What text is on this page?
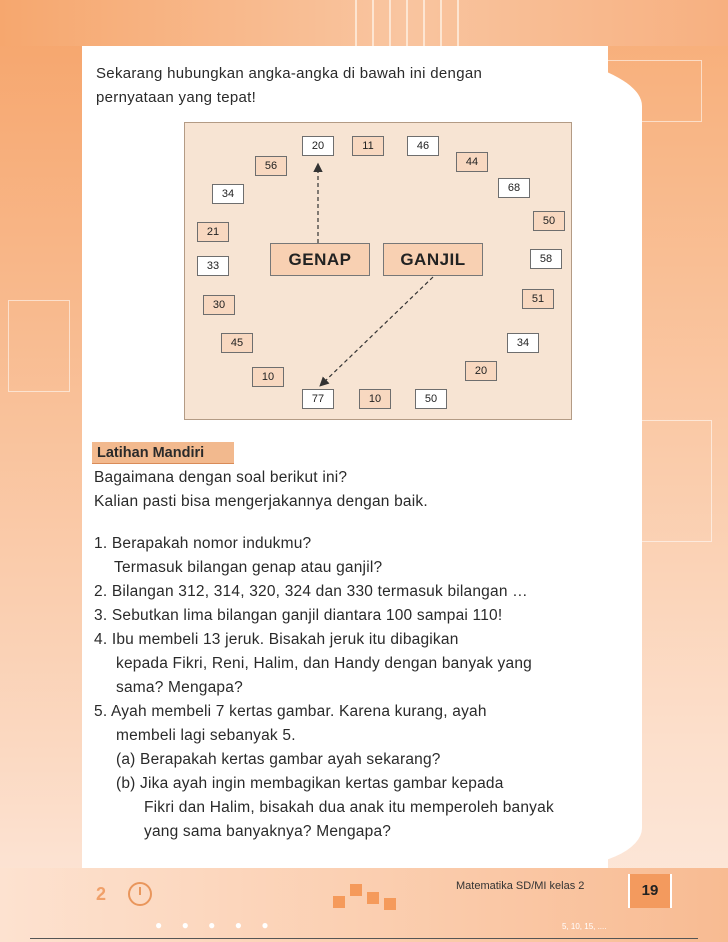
Sekarang hubungkan angka-angka di bawah ini dengan
pernyataan yang tepat!
GENAP	GANJIL
20	11	46
56	44
34	68
50
21
33
58
51
30
45	34
20
10
77	10	50
Latihan Mandiri
Bagaimana dengan soal berikut ini?
Kalian pasti bisa mengerjakannya dengan baik.
1. Berapakah nomor indukmu?
Termasuk bilangan genap atau ganjil?
2. Bilangan 312, 314, 320, 324 dan 330 termasuk bilangan …
3. Sebutkan lima bilangan ganjil diantara 100 sampai 110!
4. Ibu membeli 13 jeruk. Bisakah jeruk itu dibagikan
kepada Fikri, Reni, Halim, dan Handy dengan banyak yang
sama? Mengapa?
5. Ayah membeli 7 kertas gambar. Karena kurang, ayah
membeli lagi sebanyak 5.
(a) Berapakah kertas gambar ayah sekarang?
(b) Jika ayah ingin membagikan kertas gambar kepada
Fikri dan Halim, bisakah dua anak itu memperoleh banyak
yang sama banyaknya? Mengapa?
2	Matematika SD/MI kelas 2	19
● ● ● ● ●	5, 10, 15, ....
